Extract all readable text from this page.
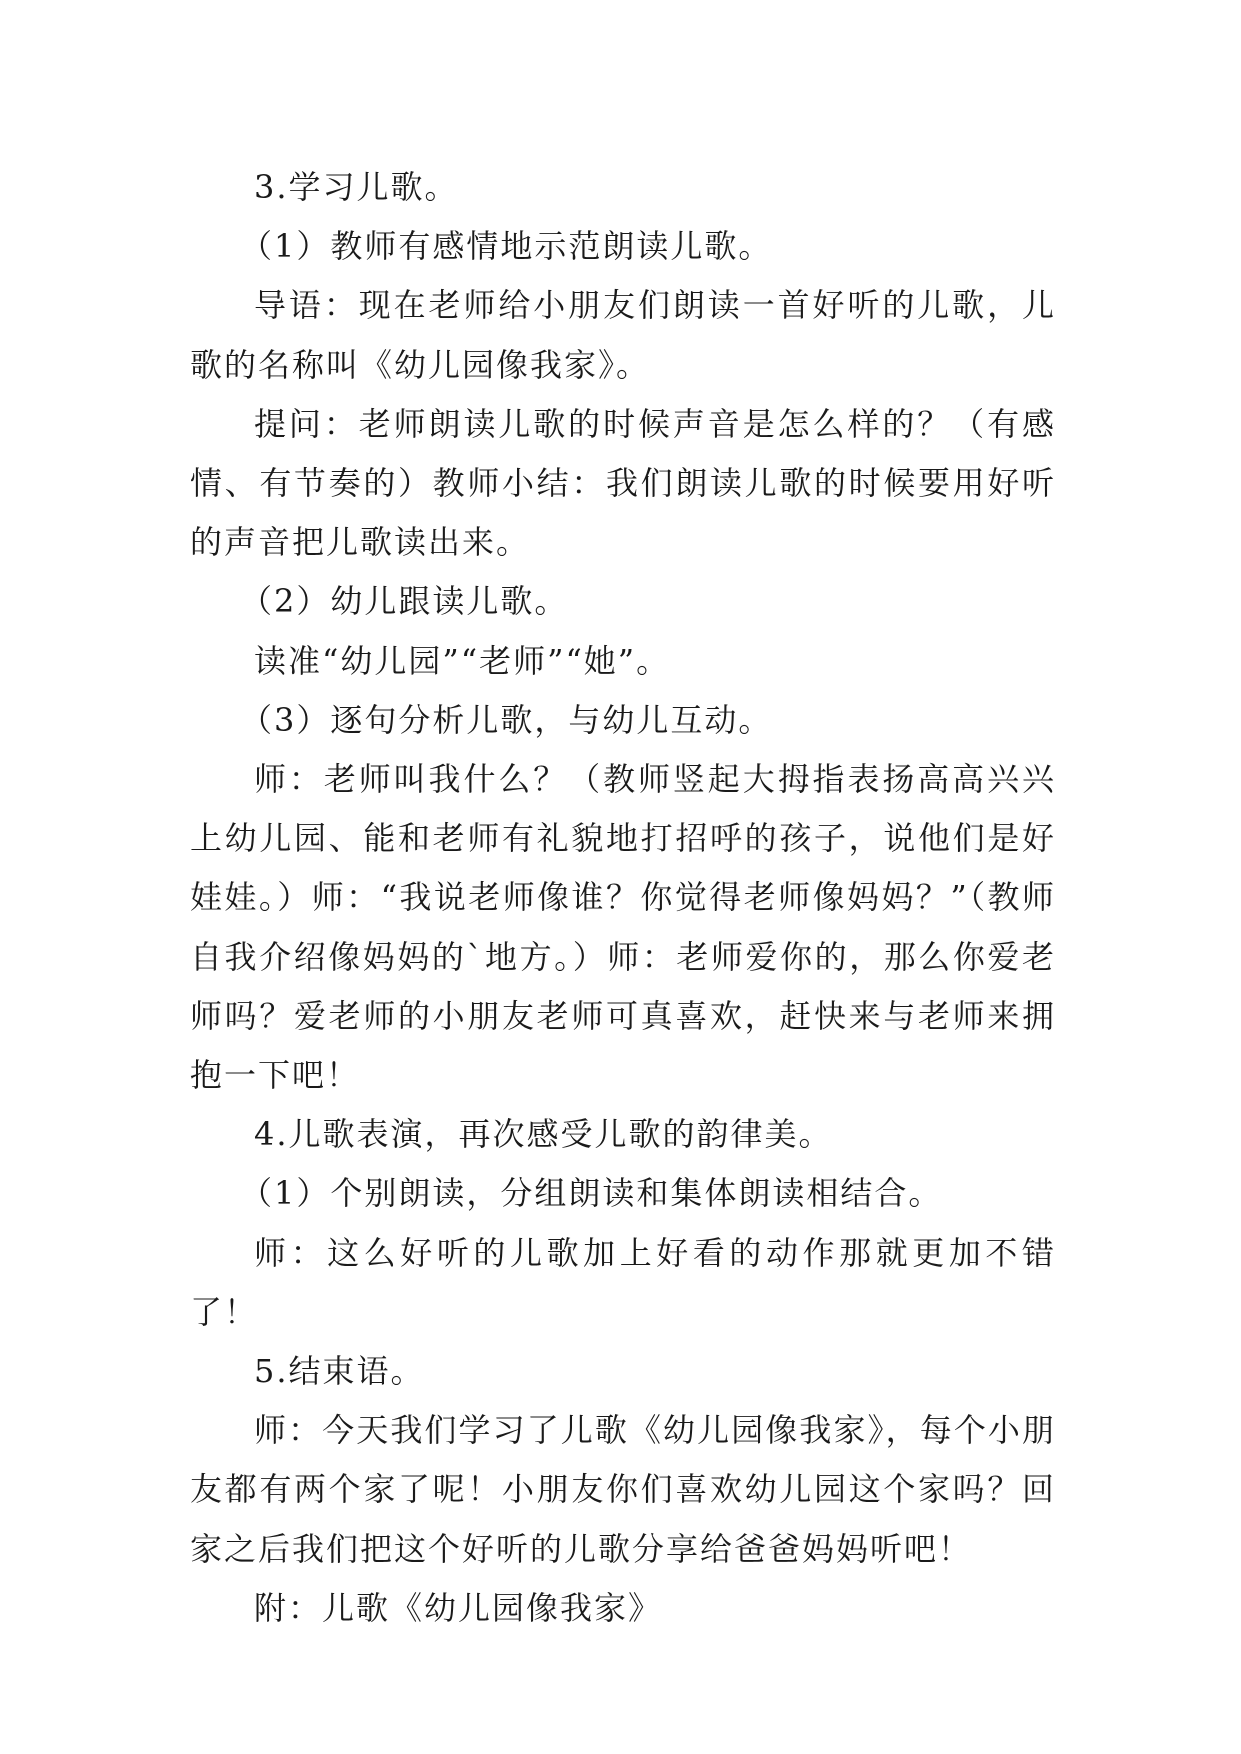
3.学习儿歌。

（1）教师有感情地示范朗读儿歌。

导语：现在老师给小朋友们朗读一首好听的儿歌，儿歌的名称叫《幼儿园像我家》。

提问：老师朗读儿歌的时候声音是怎么样的？（有感情、有节奏的）教师小结：我们朗读儿歌的时候要用好听的声音把儿歌读出来。

（2）幼儿跟读儿歌。

读准“幼儿园”“老师”“她”。

（3）逐句分析儿歌，与幼儿互动。

师：老师叫我什么？（教师竖起大拇指表扬高高兴兴上幼儿园、能和老师有礼貌地打招呼的孩子，说他们是好娃娃。）师：“我说老师像谁？你觉得老师像妈妈？”（教师自我介绍像妈妈的`地方。）师：老师爱你的，那么你爱老师吗？爱老师的小朋友老师可真喜欢，赶快来与老师来拥抱一下吧！

4.儿歌表演，再次感受儿歌的韵律美。

（1）个别朗读，分组朗读和集体朗读相结合。

师：这么好听的儿歌加上好看的动作那就更加不错了！

5.结束语。

师：今天我们学习了儿歌《幼儿园像我家》，每个小朋友都有两个家了呢！小朋友你们喜欢幼儿园这个家吗？回家之后我们把这个好听的儿歌分享给爸爸妈妈听吧！

附：儿歌《幼儿园像我家》
